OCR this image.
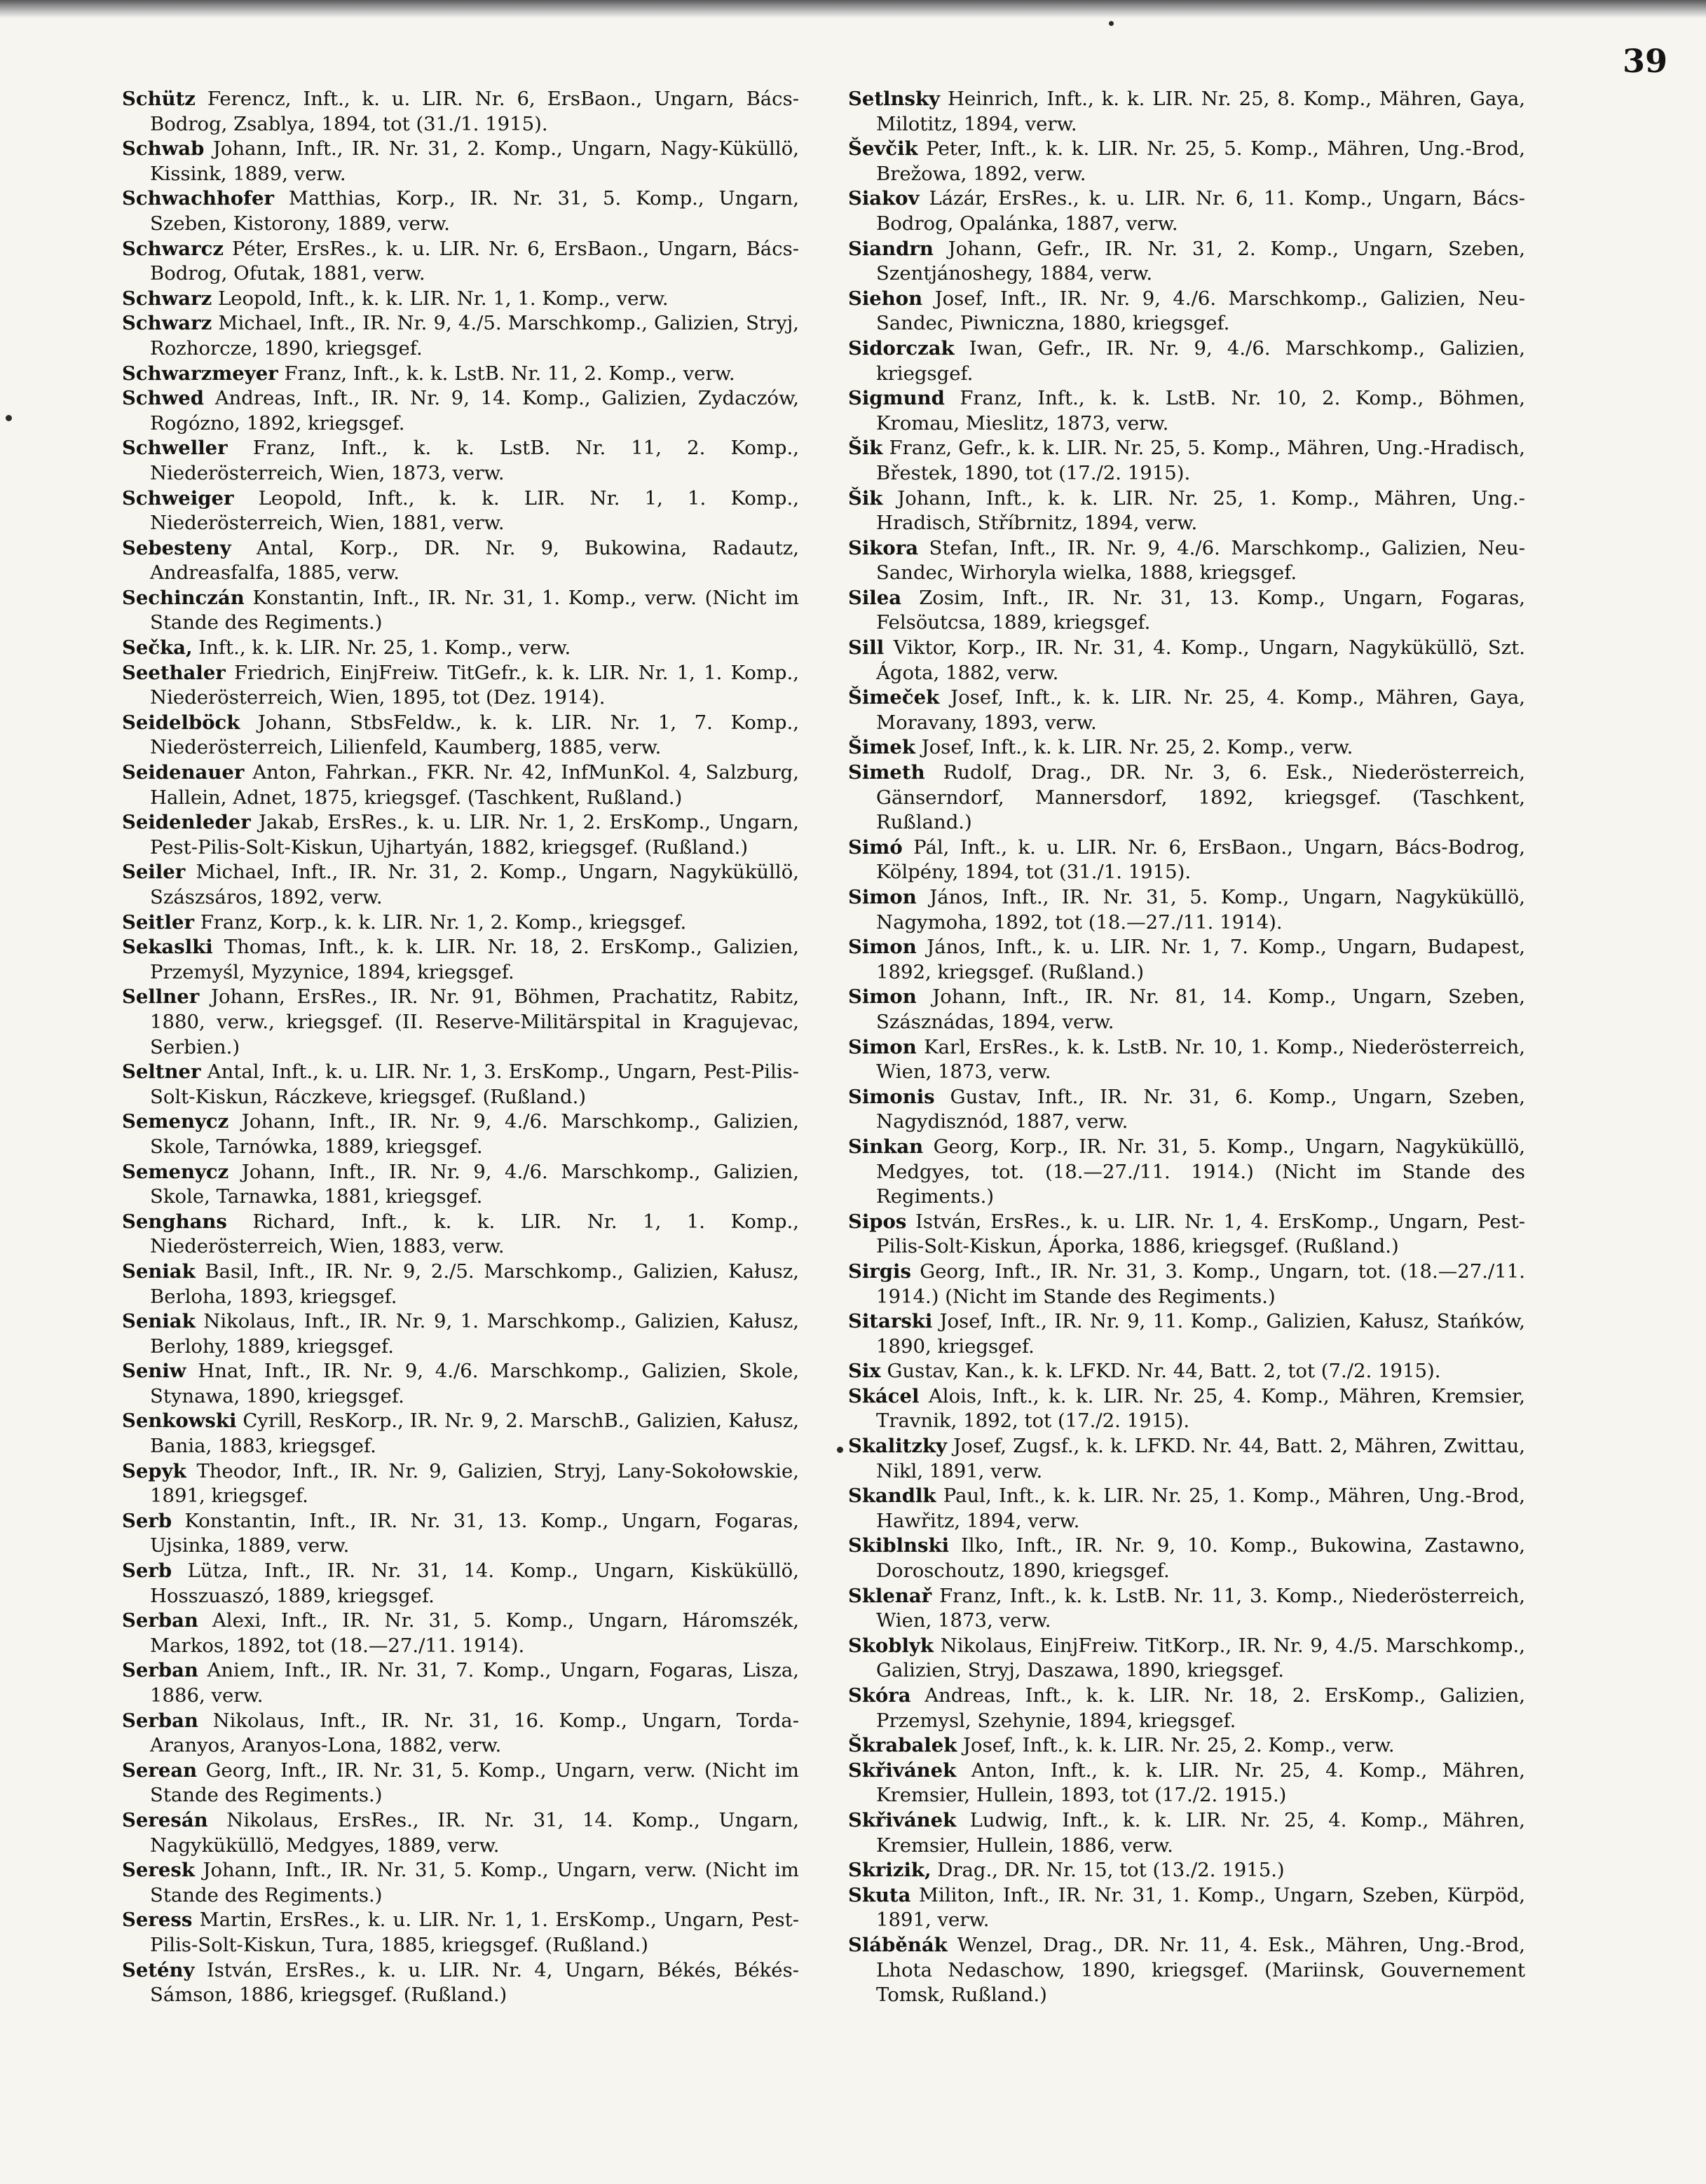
39

Schütz Ferencz, Inft., k. u. LIR. Nr. 6, ErsBaon., Ungarn, Bács-Bodrog, Zsablya, 1894, tot (31./1. 1915).

Schwab Johann, Inft., IR. Nr. 31, 2. Komp., Ungarn, Nagy-Küküllö, Kissink, 1889, verw.

Schwachhofer Matthias, Korp., IR. Nr. 31, 5. Komp., Ungarn, Szeben, Kistorony, 1889, verw.

Schwarcz Péter, ErsRes., k. u. LIR. Nr. 6, ErsBaon., Ungarn, Bács-Bodrog, Ofutak, 1881, verw.

Schwarz Leopold, Inft., k. k. LIR. Nr. 1, 1. Komp., verw.

Schwarz Michael, Inft., IR. Nr. 9, 4./5. Marschkomp., Galizien, Stryj, Rozhorcze, 1890, kriegsgef.

Schwarzmeyer Franz, Inft., k. k. LstB. Nr. 11, 2. Komp., verw.

Schwed Andreas, Inft., IR. Nr. 9, 14. Komp., Galizien, Zydaczów, Rogózno, 1892, kriegsgef.

Schweller Franz, Inft., k. k. LstB. Nr. 11, 2. Komp., Niederösterreich, Wien, 1873, verw.

Schweiger Leopold, Inft., k. k. LIR. Nr. 1, 1. Komp., Niederösterreich, Wien, 1881, verw.

Sebesteny Antal, Korp., DR. Nr. 9, Bukowina, Radautz, Andreasfalfa, 1885, verw.

Sechinczán Konstantin, Inft., IR. Nr. 31, 1. Komp., verw. (Nicht im Stande des Regiments.)

Sečka, Inft., k. k. LIR. Nr. 25, 1. Komp., verw.

Seethaler Friedrich, EinjFreiw. TitGefr., k. k. LIR. Nr. 1, 1. Komp., Niederösterreich, Wien, 1895, tot (Dez. 1914).

Seidelböck Johann, StbsFeldw., k. k. LIR. Nr. 1, 7. Komp., Niederösterreich, Lilienfeld, Kaumberg, 1885, verw.

Seidenauer Anton, Fahrkan., FKR. Nr. 42, InfMunKol. 4, Salzburg, Hallein, Adnet, 1875, kriegsgef. (Taschkent, Rußland.)

Seidenleder Jakab, ErsRes., k. u. LIR. Nr. 1, 2. ErsKomp., Ungarn, Pest-Pilis-Solt-Kiskun, Ujhartyán, 1882, kriegsgef. (Rußland.)

Seiler Michael, Inft., IR. Nr. 31, 2. Komp., Ungarn, Nagyküküllö, Szászsáros, 1892, verw.

Seitler Franz, Korp., k. k. LIR. Nr. 1, 2. Komp., kriegsgef.

Sekaslki Thomas, Inft., k. k. LIR. Nr. 18, 2. ErsKomp., Galizien, Przemyśl, Myzynice, 1894, kriegsgef.

Sellner Johann, ErsRes., IR. Nr. 91, Böhmen, Prachatitz, Rabitz, 1880, verw., kriegsgef. (II. Reserve-Militärspital in Kragujevac, Serbien.)

Seltner Antal, Inft., k. u. LIR. Nr. 1, 3. ErsKomp., Ungarn, Pest-Pilis-Solt-Kiskun, Ráczkeve, kriegsgef. (Rußland.)

Semenycz Johann, Inft., IR. Nr. 9, 4./6. Marschkomp., Galizien, Skole, Tarnówka, 1889, kriegsgef.

Semenycz Johann, Inft., IR. Nr. 9, 4./6. Marschkomp., Galizien, Skole, Tarnawka, 1881, kriegsgef.

Senghans Richard, Inft., k. k. LIR. Nr. 1, 1. Komp., Niederösterreich, Wien, 1883, verw.

Seniak Basil, Inft., IR. Nr. 9, 2./5. Marschkomp., Galizien, Kałusz, Berloha, 1893, kriegsgef.

Seniak Nikolaus, Inft., IR. Nr. 9, 1. Marschkomp., Galizien, Kałusz, Berlohy, 1889, kriegsgef.

Seniw Hnat, Inft., IR. Nr. 9, 4./6. Marschkomp., Galizien, Skole, Stynawa, 1890, kriegsgef.

Senkowski Cyrill, ResKorp., IR. Nr. 9, 2. MarschB., Galizien, Kałusz, Bania, 1883, kriegsgef.

Sepyk Theodor, Inft., IR. Nr. 9, Galizien, Stryj, Lany-Sokołowskie, 1891, kriegsgef.

Serb Konstantin, Inft., IR. Nr. 31, 13. Komp., Ungarn, Fogaras, Ujsinka, 1889, verw.

Serb Lütza, Inft., IR. Nr. 31, 14. Komp., Ungarn, Kisküküllö, Hosszuaszó, 1889, kriegsgef.

Serban Alexi, Inft., IR. Nr. 31, 5. Komp., Ungarn, Háromszék, Markos, 1892, tot (18.—27./11. 1914).

Serban Aniem, Inft., IR. Nr. 31, 7. Komp., Ungarn, Fogaras, Lisza, 1886, verw.

Serban Nikolaus, Inft., IR. Nr. 31, 16. Komp., Ungarn, Torda-Aranyos, Aranyos-Lona, 1882, verw.

Serean Georg, Inft., IR. Nr. 31, 5. Komp., Ungarn, verw. (Nicht im Stande des Regiments.)

Seresán Nikolaus, ErsRes., IR. Nr. 31, 14. Komp., Ungarn, Nagyküküllö, Medgyes, 1889, verw.

Seresk Johann, Inft., IR. Nr. 31, 5. Komp., Ungarn, verw. (Nicht im Stande des Regiments.)

Seress Martin, ErsRes., k. u. LIR. Nr. 1, 1. ErsKomp., Ungarn, Pest-Pilis-Solt-Kiskun, Tura, 1885, kriegsgef. (Rußland.)

Setény István, ErsRes., k. u. LIR. Nr. 4, Ungarn, Békés, Békés-Sámson, 1886, kriegsgef. (Rußland.)

Setlnsky Heinrich, Inft., k. k. LIR. Nr. 25, 8. Komp., Mähren, Gaya, Milotitz, 1894, verw.

Ševčik Peter, Inft., k. k. LIR. Nr. 25, 5. Komp., Mähren, Ung.-Brod, Brežowa, 1892, verw.

Siakov Lázár, ErsRes., k. u. LIR. Nr. 6, 11. Komp., Ungarn, Bács-Bodrog, Opalánka, 1887, verw.

Siandrn Johann, Gefr., IR. Nr. 31, 2. Komp., Ungarn, Szeben, Szentjánoshegy, 1884, verw.

Siehon Josef, Inft., IR. Nr. 9, 4./6. Marschkomp., Galizien, Neu-Sandec, Piwniczna, 1880, kriegsgef.

Sidorczak Iwan, Gefr., IR. Nr. 9, 4./6. Marschkomp., Galizien, kriegsgef.

Sigmund Franz, Inft., k. k. LstB. Nr. 10, 2. Komp., Böhmen, Kromau, Mieslitz, 1873, verw.

Šik Franz, Gefr., k. k. LIR. Nr. 25, 5. Komp., Mähren, Ung.-Hradisch, Břestek, 1890, tot (17./2. 1915).

Šik Johann, Inft., k. k. LIR. Nr. 25, 1. Komp., Mähren, Ung.-Hradisch, Stříbrnitz, 1894, verw.

Sikora Stefan, Inft., IR. Nr. 9, 4./6. Marschkomp., Galizien, Neu-Sandec, Wirhoryla wielka, 1888, kriegsgef.

Silea Zosim, Inft., IR. Nr. 31, 13. Komp., Ungarn, Fogaras, Felsöutcsa, 1889, kriegsgef.

Sill Viktor, Korp., IR. Nr. 31, 4. Komp., Ungarn, Nagyküküllö, Szt. Ágota, 1882, verw.

Šimeček Josef, Inft., k. k. LIR. Nr. 25, 4. Komp., Mähren, Gaya, Moravany, 1893, verw.

Šimek Josef, Inft., k. k. LIR. Nr. 25, 2. Komp., verw.

Simeth Rudolf, Drag., DR. Nr. 3, 6. Esk., Niederösterreich, Gänserndorf, Mannersdorf, 1892, kriegsgef. (Taschkent, Rußland.)

Simó Pál, Inft., k. u. LIR. Nr. 6, ErsBaon., Ungarn, Bács-Bodrog, Kölpény, 1894, tot (31./1. 1915).

Simon János, Inft., IR. Nr. 31, 5. Komp., Ungarn, Nagyküküllö, Nagymoha, 1892, tot (18.—27./11. 1914).

Simon János, Inft., k. u. LIR. Nr. 1, 7. Komp., Ungarn, Budapest, 1892, kriegsgef. (Rußland.)

Simon Johann, Inft., IR. Nr. 81, 14. Komp., Ungarn, Szeben, Szásznádas, 1894, verw.

Simon Karl, ErsRes., k. k. LstB. Nr. 10, 1. Komp., Niederösterreich, Wien, 1873, verw.

Simonis Gustav, Inft., IR. Nr. 31, 6. Komp., Ungarn, Szeben, Nagydisznód, 1887, verw.

Sinkan Georg, Korp., IR. Nr. 31, 5. Komp., Ungarn, Nagyküküllö, Medgyes, tot. (18.—27./11. 1914.) (Nicht im Stande des Regiments.)

Sipos István, ErsRes., k. u. LIR. Nr. 1, 4. ErsKomp., Ungarn, Pest-Pilis-Solt-Kiskun, Áporka, 1886, kriegsgef. (Rußland.)

Sirgis Georg, Inft., IR. Nr. 31, 3. Komp., Ungarn, tot. (18.—27./11. 1914.) (Nicht im Stande des Regiments.)

Sitarski Josef, Inft., IR. Nr. 9, 11. Komp., Galizien, Kałusz, Stańków, 1890, kriegsgef.

Six Gustav, Kan., k. k. LFKD. Nr. 44, Batt. 2, tot (7./2. 1915).

Skácel Alois, Inft., k. k. LIR. Nr. 25, 4. Komp., Mähren, Kremsier, Travnik, 1892, tot (17./2. 1915).

Skalitzky Josef, Zugsf., k. k. LFKD. Nr. 44, Batt. 2, Mähren, Zwittau, Nikl, 1891, verw.

Skandlk Paul, Inft., k. k. LIR. Nr. 25, 1. Komp., Mähren, Ung.-Brod, Hawřitz, 1894, verw.

Skiblnski Ilko, Inft., IR. Nr. 9, 10. Komp., Bukowina, Zastawno, Doroschoutz, 1890, kriegsgef.

Sklenař Franz, Inft., k. k. LstB. Nr. 11, 3. Komp., Niederösterreich, Wien, 1873, verw.

Skoblyk Nikolaus, EinjFreiw. TitKorp., IR. Nr. 9, 4./5. Marschkomp., Galizien, Stryj, Daszawa, 1890, kriegsgef.

Skóra Andreas, Inft., k. k. LIR. Nr. 18, 2. ErsKomp., Galizien, Przemysl, Szehynie, 1894, kriegsgef.

Škrabalek Josef, Inft., k. k. LIR. Nr. 25, 2. Komp., verw.

Skřivánek Anton, Inft., k. k. LIR. Nr. 25, 4. Komp., Mähren, Kremsier, Hullein, 1893, tot (17./2. 1915.)

Skřivánek Ludwig, Inft., k. k. LIR. Nr. 25, 4. Komp., Mähren, Kremsier, Hullein, 1886, verw.

Skrizik, Drag., DR. Nr. 15, tot (13./2. 1915.)

Skuta Militon, Inft., IR. Nr. 31, 1. Komp., Ungarn, Szeben, Kürpöd, 1891, verw.

Sláběnák Wenzel, Drag., DR. Nr. 11, 4. Esk., Mähren, Ung.-Brod, Lhota Nedaschow, 1890, kriegsgef. (Mariinsk, Gouvernement Tomsk, Rußland.)
